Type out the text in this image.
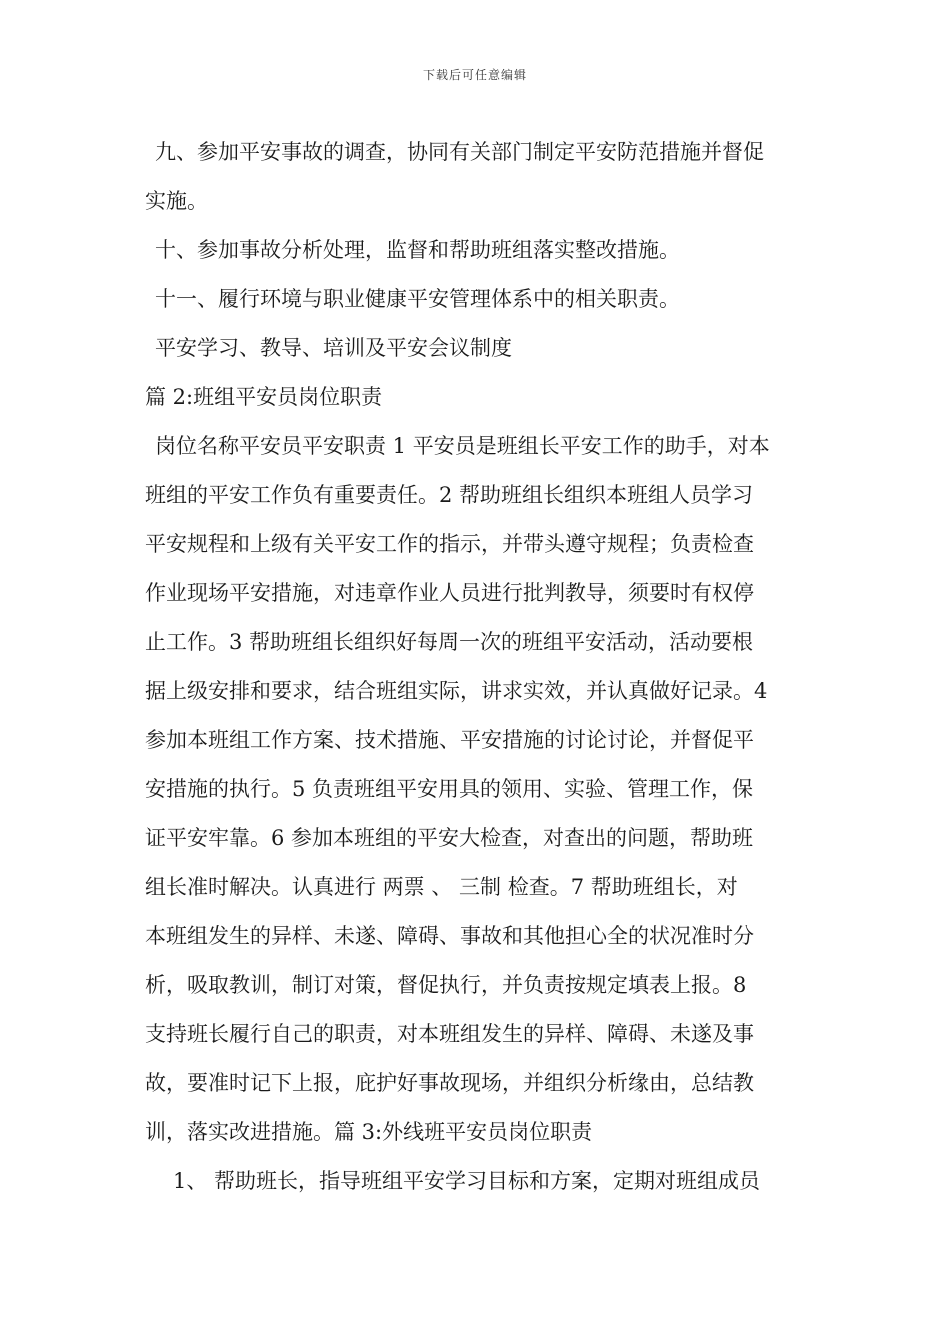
下载后可任意编辑
九、参加平安事故的调查，协同有关部门制定平安防范措施并督促
实施。
十、参加事故分析处理，监督和帮助班组落实整改措施。
十一、履行环境与职业健康平安管理体系中的相关职责。
平安学习、教导、培训及平安会议制度
篇 2:班组平安员岗位职责
岗位名称平安员平安职责 1 平安员是班组长平安工作的助手，对本
班组的平安工作负有重要责任。2 帮助班组长组织本班组人员学习
平安规程和上级有关平安工作的指示，并带头遵守规程；负责检查
作业现场平安措施，对违章作业人员进行批判教导，须要时有权停
止工作。3 帮助班组长组织好每周一次的班组平安活动，活动要根
据上级安排和要求，结合班组实际，讲求实效，并认真做好记录。4
参加本班组工作方案、技术措施、平安措施的讨论讨论，并督促平
安措施的执行。5 负责班组平安用具的领用、实验、管理工作，保
证平安牢靠。6 参加本班组的平安大检查，对查出的问题，帮助班
组长准时解决。认真进行 两票 、 三制 检查。7 帮助班组长，对
本班组发生的异样、未遂、障碍、事故和其他担心全的状况准时分
析，吸取教训，制订对策，督促执行，并负责按规定填表上报。8
支持班长履行自己的职责，对本班组发生的异样、障碍、未遂及事
故，要准时记下上报，庇护好事故现场，并组织分析缘由，总结教
训，落实改进措施。篇 3:外线班平安员岗位职责
1、 帮助班长，指导班组平安学习目标和方案，定期对班组成员
